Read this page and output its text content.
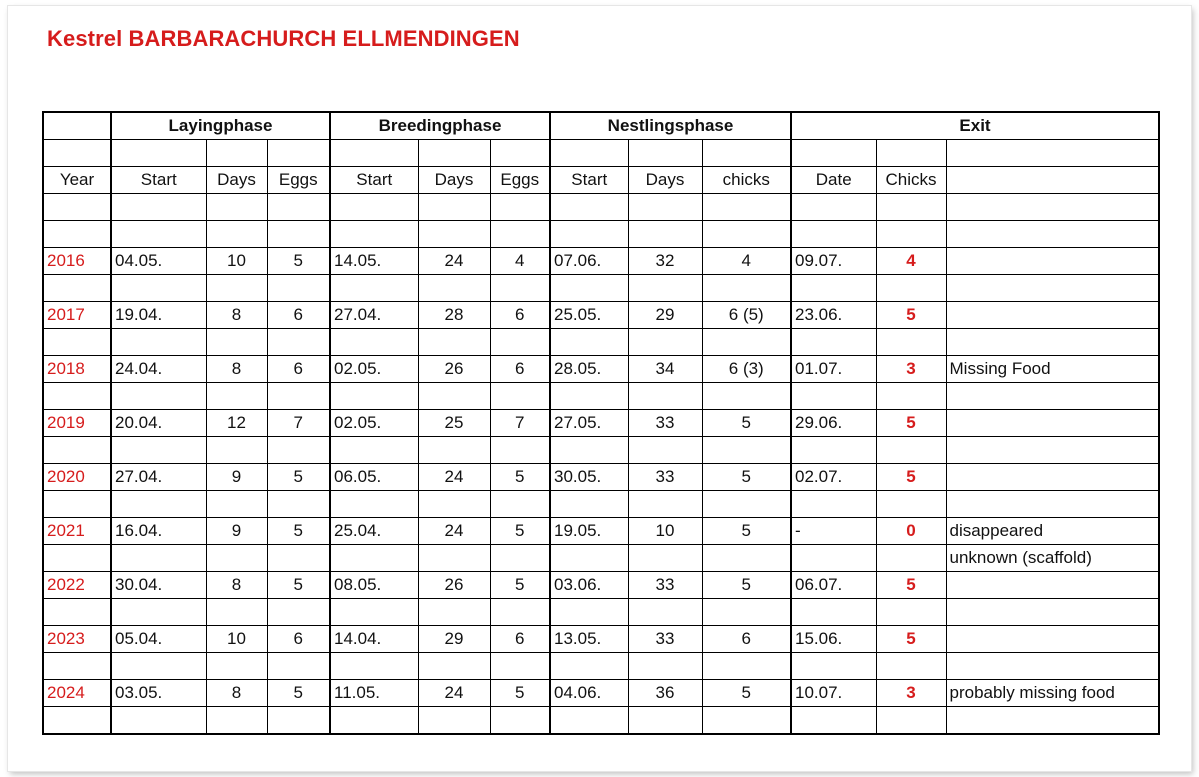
Kestrel BARBARACHURCH ELLMENDINGEN
	Layingphase			Breedingphase			Nestlingsphase			Exit		

Year	Start	Days	Eggs	Start	Days	Eggs	Start	Days	chicks	Date	Chicks	

2016	04.05.	10	5	14.05.	24	4	07.06.	32	4	09.07.	4	

2017	19.04.	8	6	27.04.	28	6	25.05.	29	6 (5)	23.06.	5	

2018	24.04.	8	6	02.05.	26	6	28.05.	34	6 (3)	01.07.	3	Missing Food

2019	20.04.	12	7	02.05.	25	7	27.05.	33	5	29.06.	5	

2020	27.04.	9	5	06.05.	24	5	30.05.	33	5	02.07.	5	

2021	16.04.	9	5	25.04.	24	5	19.05.	10	5	-	0	disappeared
												unknown (scaffold)
2022	30.04.	8	5	08.05.	26	5	03.06.	33	5	06.07.	5	

2023	05.04.	10	6	14.04.	29	6	13.05.	33	6	15.06.	5	

2024	03.05.	8	5	11.05.	24	5	04.06.	36	5	10.07.	3	probably missing food
